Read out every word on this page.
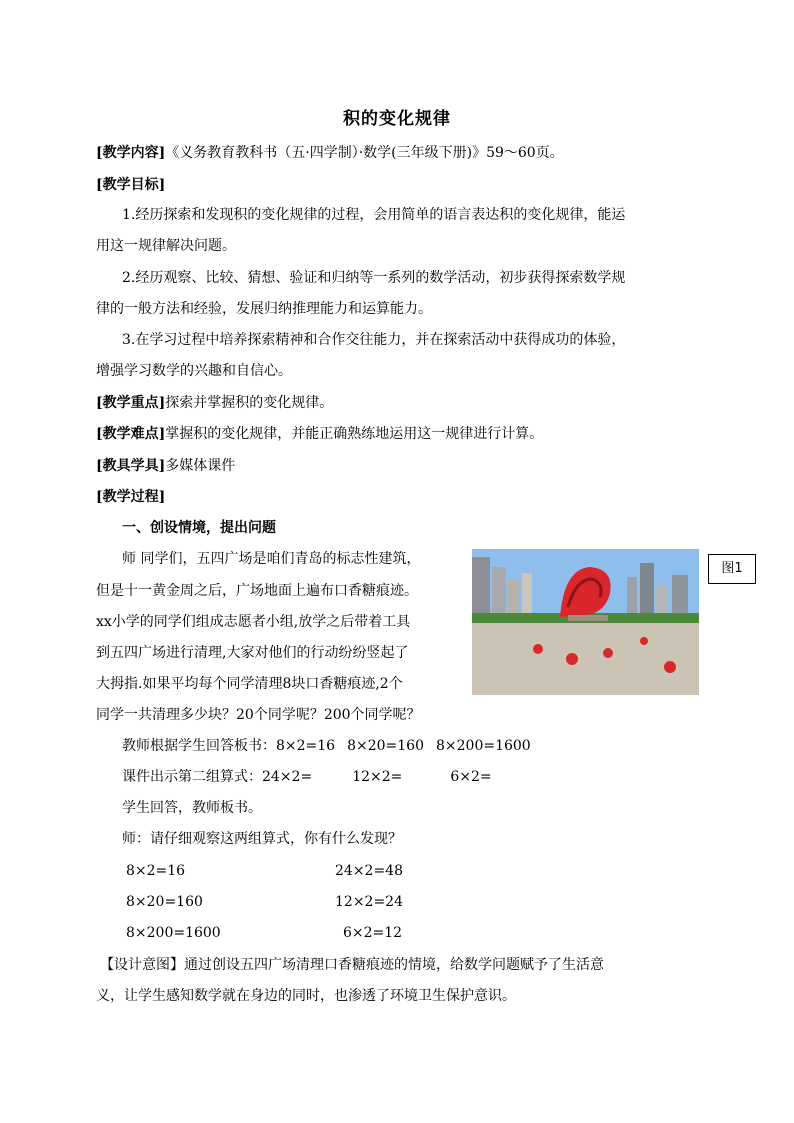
积的变化规律
[教学内容]《义务教育教科书（五·四学制）·数学(三年级下册)》59～60页。
[教学目标]
1.经历探索和发现积的变化规律的过程，会用简单的语言表达积的变化规律，能运
用这一规律解决问题。
2.经历观察、比较、猜想、验证和归纳等一系列的数学活动，初步获得探索数学规
律的一般方法和经验，发展归纳推理能力和运算能力。
3.在学习过程中培养探索精神和合作交往能力，并在探索活动中获得成功的体验，
增强学习数学的兴趣和自信心。
[教学重点]探索并掌握积的变化规律。
[教学难点]掌握积的变化规律，并能正确熟练地运用这一规律进行计算。
[教具学具]多媒体课件
[教学过程]
一、创设情境，提出问题
师 同学们，五四广场是咱们青岛的标志性建筑，
但是十一黄金周之后，广场地面上遍布口香糖痕迹。
xx小学的同学们组成志愿者小组,放学之后带着工具
到五四广场进行清理,大家对他们的行动纷纷竖起了
大拇指.如果平均每个同学清理8块口香糖痕迹,2个
同学一共清理多少块？20个同学呢？200个同学呢？
图1
教师根据学生回答板书：8×2=16 8×20=160 8×200=1600
课件出示第二组算式：24×2=	12×2=	6×2=
学生回答，教师板书。
师：请仔细观察这两组算式，你有什么发现？
8×2=16
8×20=160
8×200=1600
24×2=48
12×2=24
6×2=12
【设计意图】通过创设五四广场清理口香糖痕迹的情境，给数学问题赋予了生活意
义，让学生感知数学就在身边的同时，也渗透了环境卫生保护意识。
